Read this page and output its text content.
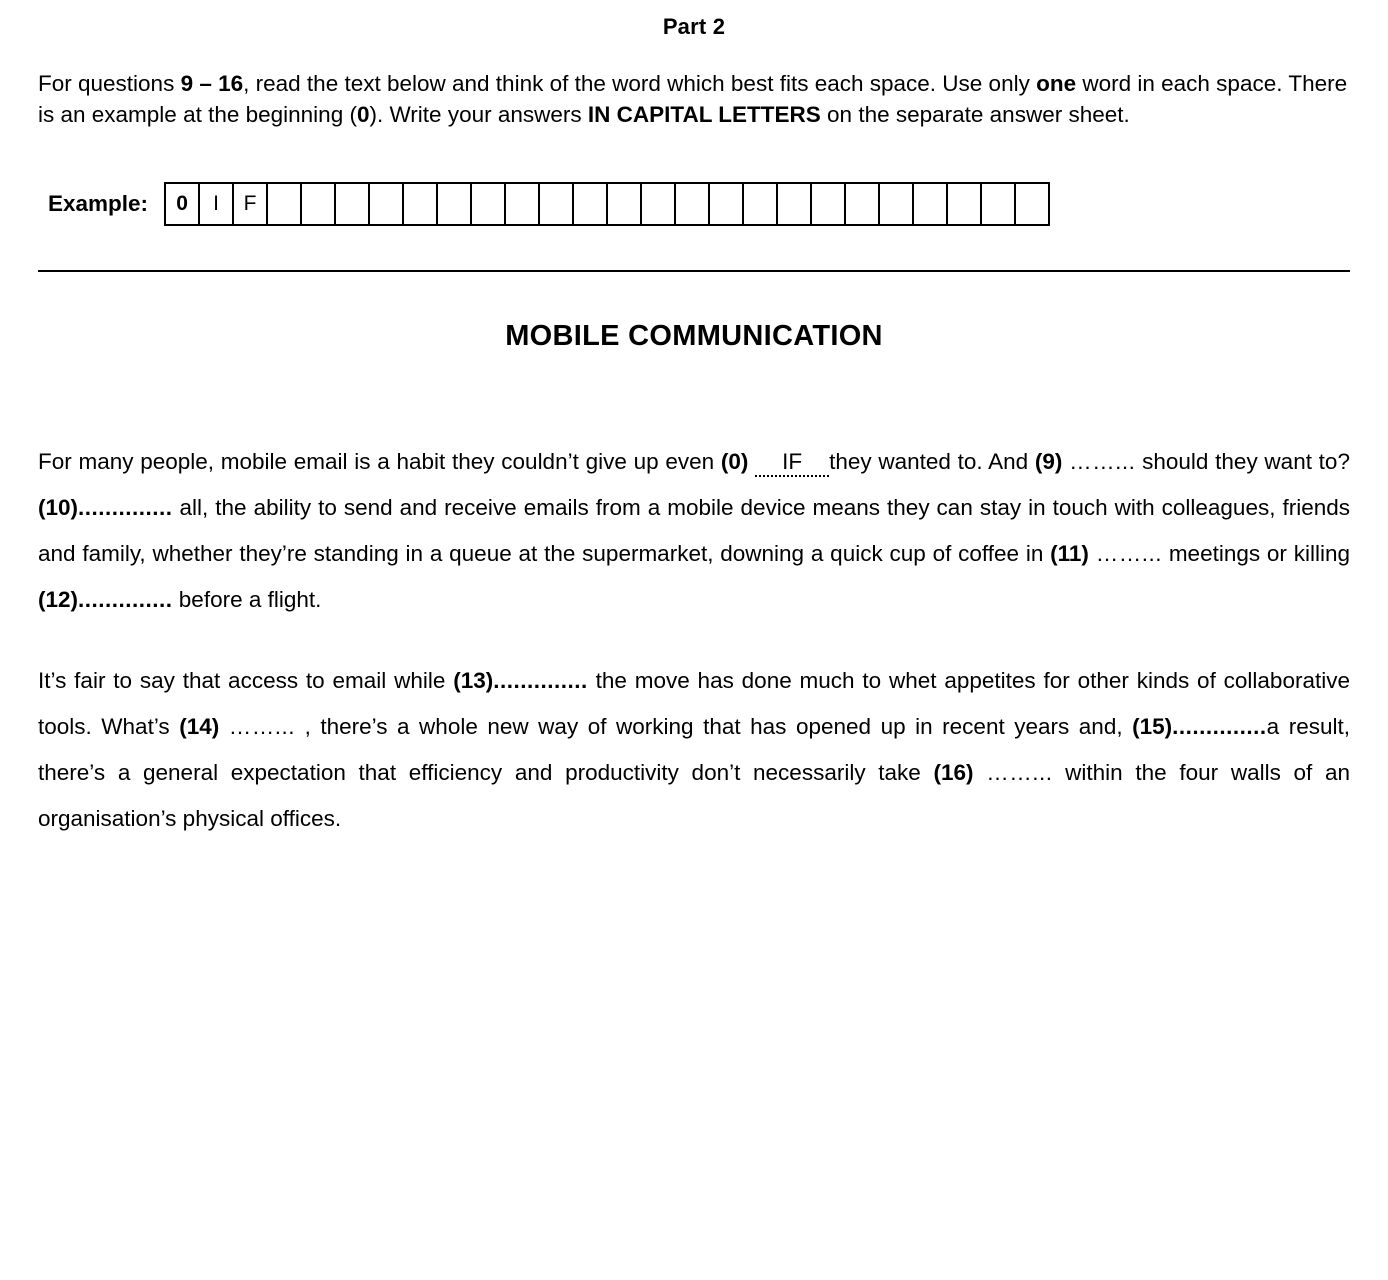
Part 2
For questions 9 – 16, read the text below and think of the word which best fits each space. Use only one word in each space. There is an example at the beginning (0). Write your answers IN CAPITAL LETTERS on the separate answer sheet.
Example:	0	I	F
MOBILE COMMUNICATION

For many people, mobile email is a habit they couldn’t give up even (0) IF they wanted to. And (9) ……... should they want to? (10).............. all, the ability to send and receive emails from a mobile device means they can stay in touch with colleagues, friends and family, whether they’re standing in a queue at the supermarket, downing a quick cup of coffee in (11) ……... meetings or killing (12).............. before a flight.

It’s fair to say that access to email while (13).............. the move has done much to whet appetites for other kinds of collaborative tools. What’s (14) ……... , there’s a whole new way of working that has opened up in recent years and, (15)..............a result, there’s a general expectation that efficiency and productivity don’t necessarily take (16) ……... within the four walls of an organisation’s physical offices.
